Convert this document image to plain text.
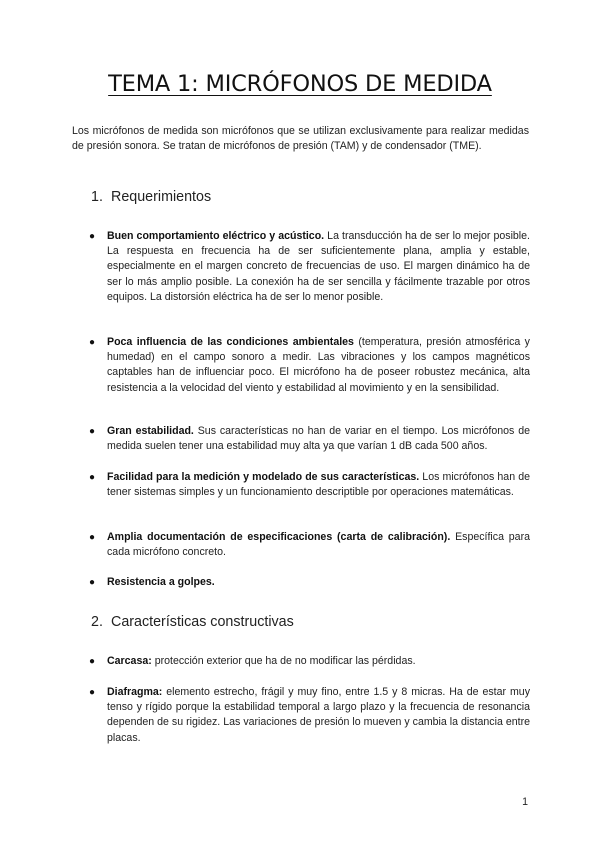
TEMA 1: MICRÓFONOS DE MEDIDA

Los micrófonos de medida son micrófonos que se utilizan exclusivamente para realizar medidas de presión sonora. Se tratan de micrófonos de presión (TAM) y de condensador (TME).

1. Requerimientos
● Buen comportamiento eléctrico y acústico. La transducción ha de ser lo mejor posible. La respuesta en frecuencia ha de ser suficientemente plana, amplia y estable, especialmente en el margen concreto de frecuencias de uso. El margen dinámico ha de ser lo más amplio posible. La conexión ha de ser sencilla y fácilmente trazable por otros equipos. La distorsión eléctrica ha de ser lo menor posible.
● Poca influencia de las condiciones ambientales (temperatura, presión atmosférica y humedad) en el campo sonoro a medir. Las vibraciones y los campos magnéticos captables han de influenciar poco. El micrófono ha de poseer robustez mecánica, alta resistencia a la velocidad del viento y estabilidad al movimiento y en la sensibilidad.
● Gran estabilidad. Sus características no han de variar en el tiempo. Los micrófonos de medida suelen tener una estabilidad muy alta ya que varían 1 dB cada 500 años.
● Facilidad para la medición y modelado de sus características. Los micrófonos han de tener sistemas simples y un funcionamiento descriptible por operaciones matemáticas.
● Amplia documentación de especificaciones (carta de calibración). Específica para cada micrófono concreto.
● Resistencia a golpes.
2. Características constructivas
● Carcasa: protección exterior que ha de no modificar las pérdidas.
● Diafragma: elemento estrecho, frágil y muy fino, entre 1.5 y 8 micras. Ha de estar muy tenso y rígido porque la estabilidad temporal a largo plazo y la frecuencia de resonancia dependen de su rigidez. Las variaciones de presión lo mueven y cambia la distancia entre placas.
1
